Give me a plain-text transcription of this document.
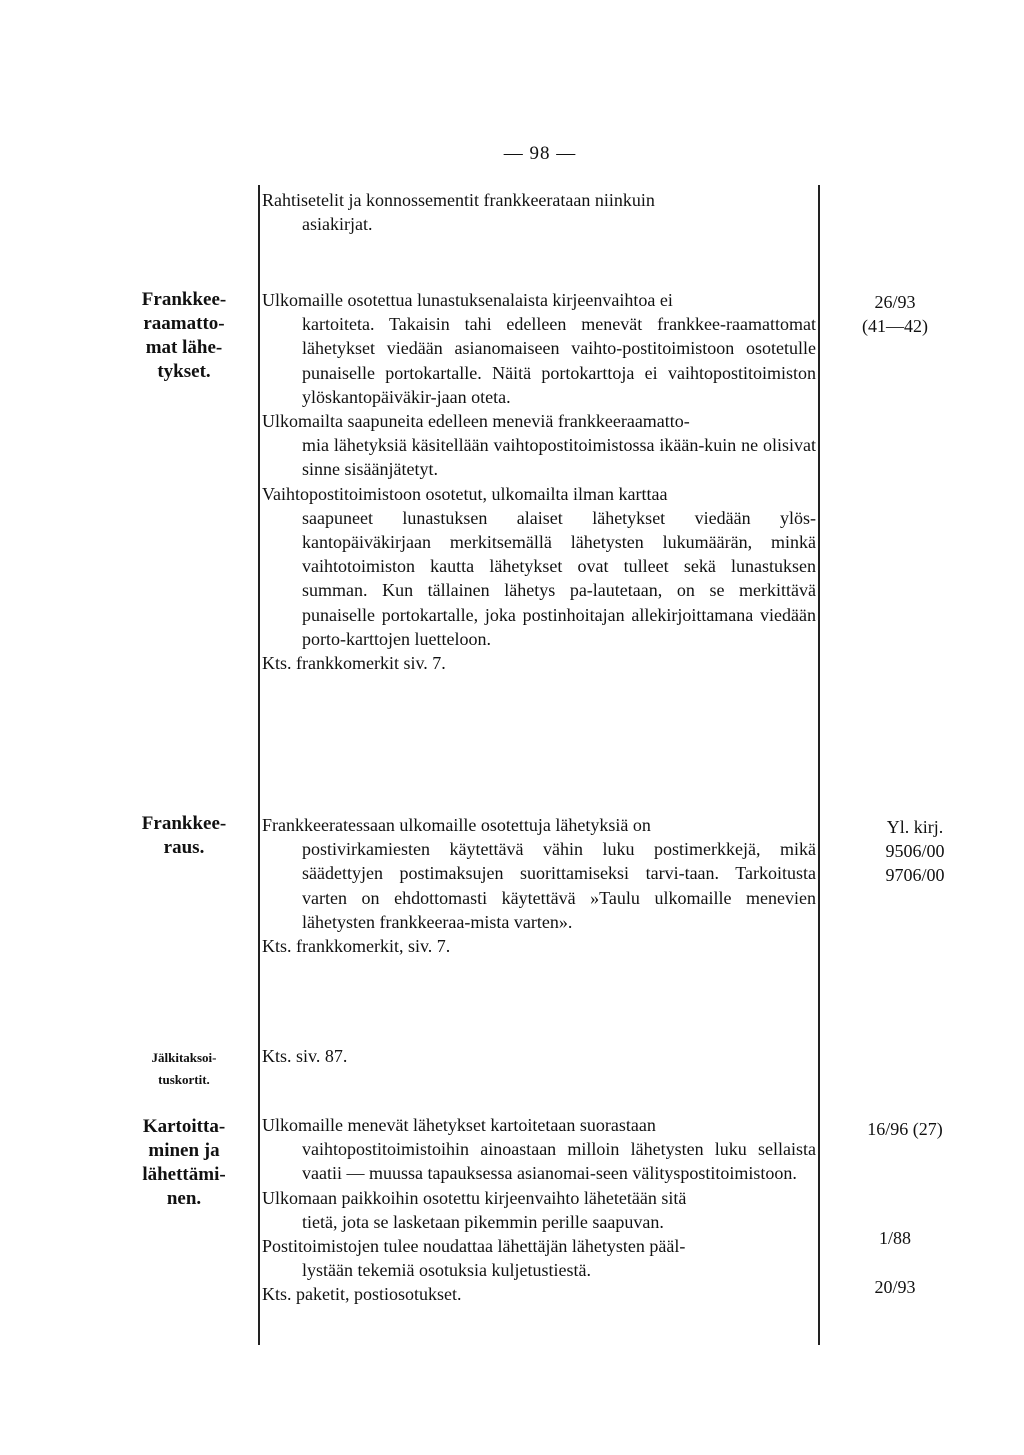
— 98 —

Rahtisetelit ja konnossementit frankkeerataan niinkuin
asiakirjat.

Frankkee-
raamatto-
mat lähe-
tykset.

Ulkomaille osotettua lunastuksenalaista kirjeenvaihtoa ei
kartoiteta. Takaisin tahi edelleen menevät frankkee-raamattomat lähetykset viedään asianomaiseen vaihto-postitoimistoon osotetulle punaiselle portokartalle. Näitä portokarttoja ei vaihtopostitoimiston ylöskantopäiväkir-jaan oteta.

Ulkomailta saapuneita edelleen meneviä frankkeeraamatto-
mia lähetyksiä käsitellään vaihtopostitoimistossa ikään-kuin ne olisivat sinne sisäänjätetyt.

Vaihtopostitoimistoon osotetut, ulkomailta ilman karttaa
saapuneet lunastuksen alaiset lähetykset viedään ylös-kantopäiväkirjaan merkitsemällä lähetysten lukumäärän, minkä vaihtotoimiston kautta lähetykset ovat tulleet sekä lunastuksen summan. Kun tällainen lähetys pa-lautetaan, on se merkittävä punaiselle portokartalle, joka postinhoitajan allekirjoittamana viedään porto-karttojen luetteloon.

Kts. frankkomerkit siv. 7.

26/93
(41—42)
Frankkee-
raus.

Frankkeeratessaan ulkomaille osotettuja lähetyksiä on
postivirkamiesten käytettävä vähin luku postimerkkejä, mikä säädettyjen postimaksujen suorittamiseksi tarvi-taan. Tarkoitusta varten on ehdottomasti käytettävä »Taulu ulkomaille menevien lähetysten frankkeeraa-mista varten».

Kts. frankkomerkit, siv. 7.

Yl. kirj.
9506/00
9706/00
Jälkitaksoi-
tuskortit.

Kts. siv. 87.

Kartoitta-
minen ja
lähettämi-
nen.

Ulkomaille menevät lähetykset kartoitetaan suorastaan
vaihtopostitoimistoihin ainoastaan milloin lähetysten luku sellaista vaatii — muussa tapauksessa asianomai-seen välityspostitoimistoon.

Ulkomaan paikkoihin osotettu kirjeenvaihto lähetetään sitä
tietä, jota se lasketaan pikemmin perille saapuvan.

Postitoimistojen tulee noudattaa lähettäjän lähetysten pääl-
lystään tekemiä osotuksia kuljetustiestä.

Kts. paketit, postiosotukset.

16/96 (27)
1/88
20/93
